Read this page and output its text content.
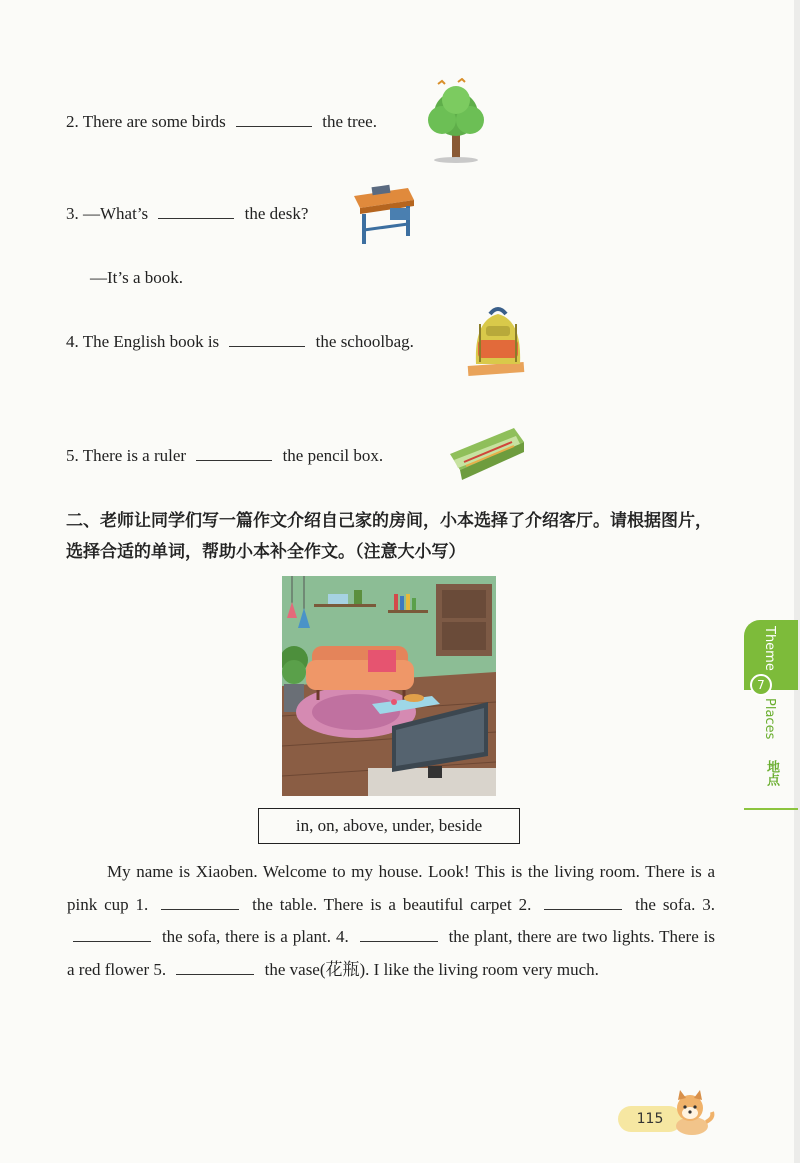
2. There are some birds	the tree.
3. —What’s	the desk?
—It’s a book.
4. The English book is	the schoolbag.
5. There is a ruler	the pencil box.
二、老师让同学们写一篇作文介绍自己家的房间，小本选择了介绍客厅。请根据图片，选择合适的单词，帮助小本补全作文。（注意大小写）
in, on, above, under, beside

My name is Xiaoben. Welcome to my house. Look! This is the living room. There is a pink cup 1.	the table. There is a beautiful carpet 2.	the sofa. 3.  the sofa, there is a plant. 4.	the plant, there are two lights. There is a red flower 5.	the vase(花瓶). I like the living room very much.

Theme
Places
地点
7
115
